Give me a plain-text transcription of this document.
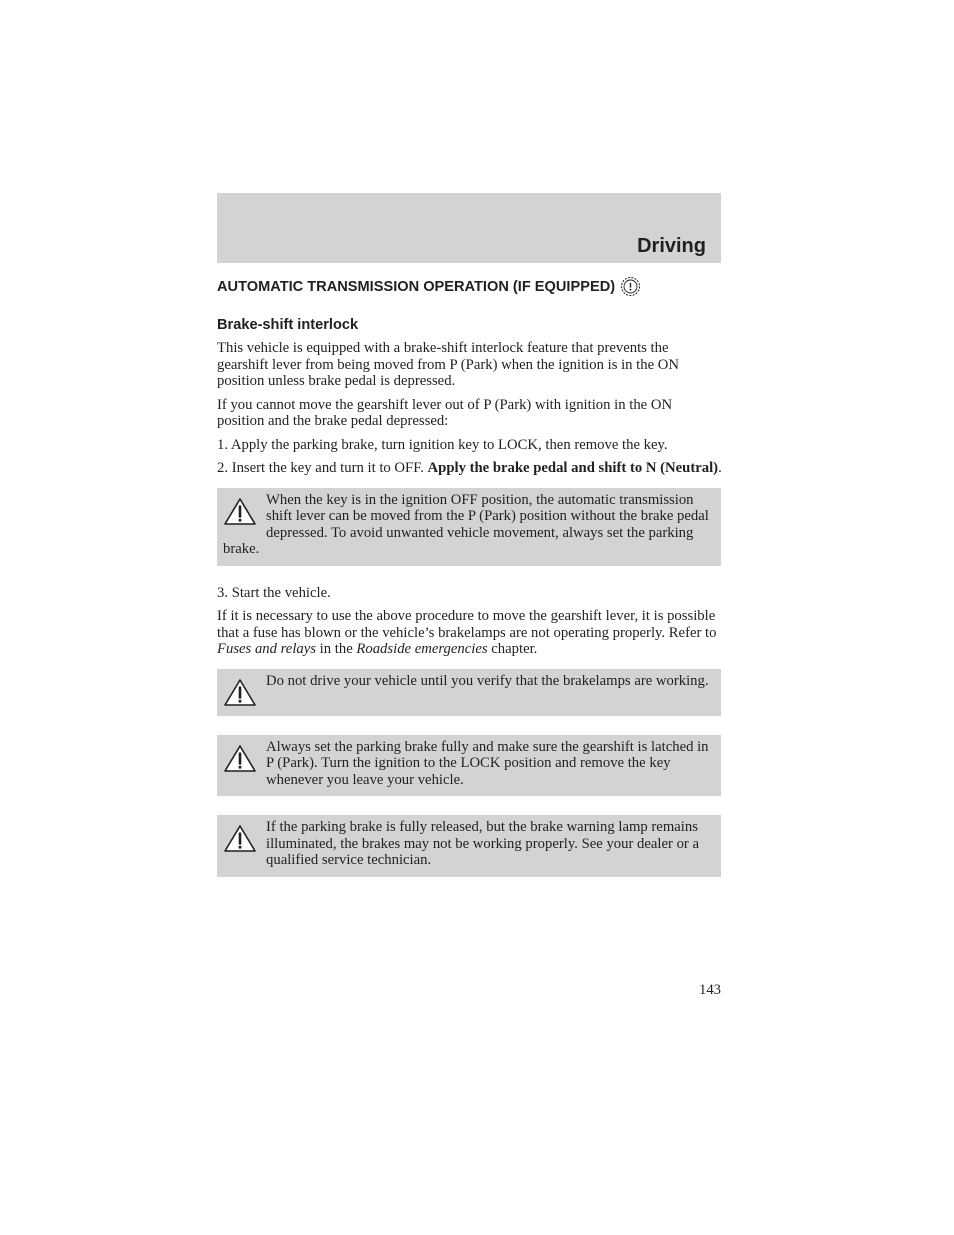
Driving
AUTOMATIC TRANSMISSION OPERATION (IF EQUIPPED)
Brake-shift interlock

This vehicle is equipped with a brake-shift interlock feature that prevents the gearshift lever from being moved from P (Park) when the ignition is in the ON position unless brake pedal is depressed.

If you cannot move the gearshift lever out of P (Park) with ignition in the ON position and the brake pedal depressed:

1. Apply the parking brake, turn ignition key to LOCK, then remove the key.

2. Insert the key and turn it to OFF. Apply the brake pedal and shift to N (Neutral).

When the key is in the ignition OFF position, the automatic transmission shift lever can be moved from the P (Park) position without the brake pedal depressed. To avoid unwanted vehicle movement, always set the parking brake.

3. Start the vehicle.

If it is necessary to use the above procedure to move the gearshift lever, it is possible that a fuse has blown or the vehicle’s brakelamps are not operating properly. Refer to Fuses and relays in the Roadside emergencies chapter.

Do not drive your vehicle until you verify that the brakelamps are working.
Always set the parking brake fully and make sure the gearshift is latched in P (Park). Turn the ignition to the LOCK position and remove the key whenever you leave your vehicle.
If the parking brake is fully released, but the brake warning lamp remains illuminated, the brakes may not be working properly. See your dealer or a qualified service technician.
143
